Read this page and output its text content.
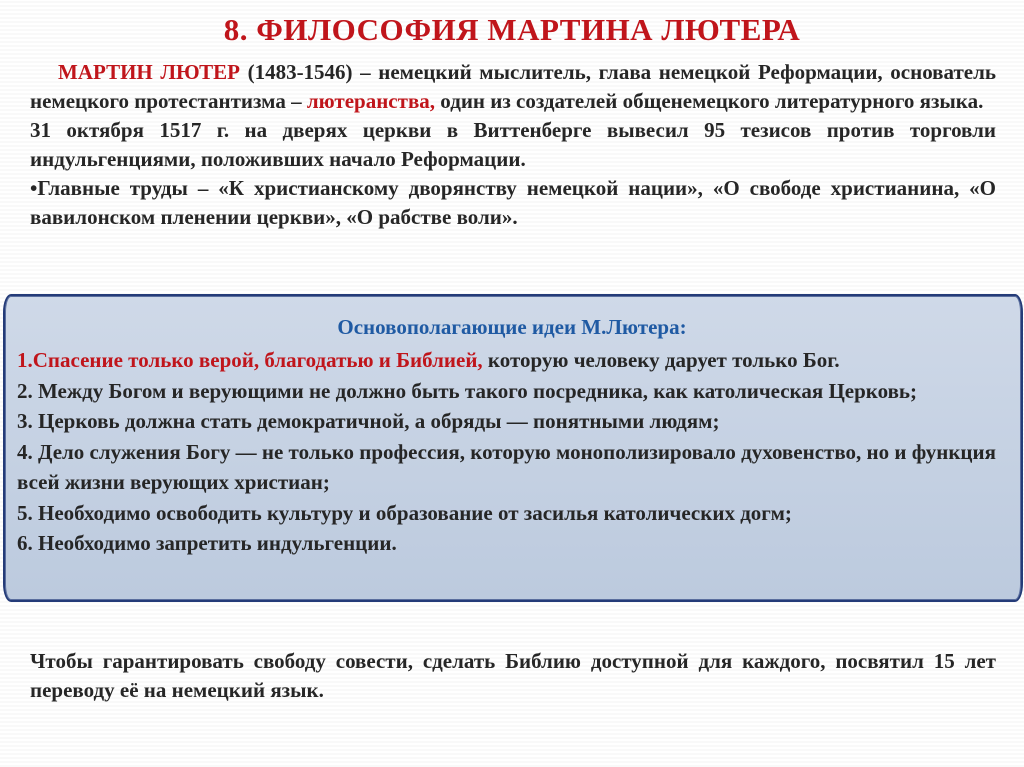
8. ФИЛОСОФИЯ МАРТИНА ЛЮТЕРА

МАРТИН ЛЮТЕР (1483-1546) – немецкий мыслитель, глава немецкой Реформации, основатель немецкого протестантизма – лютеранства, один из создателей общенемецкого литературного языка.

31 октября 1517 г. на дверях церкви в Виттенберге вывесил 95 тезисов против торговли индульгенциями, положивших начало Реформации.

•Главные труды – «К христианскому дворянству немецкой нации», «О свободе христианина, «О вавилонском пленении церкви», «О рабстве воли».

Основополагающие идеи М.Лютера:

1.Спасение только верой, благодатью и Библией, которую человеку дарует только Бог.

2. Между Богом и верующими не должно быть такого посредника, как католическая Церковь;

3. Церковь должна стать демократичной, а обряды — понятными людям;

4. Дело служения Богу — не только профессия, которую монополизировало духовенство, но и функция всей жизни верующих христиан;

5. Необходимо освободить культуру и образование от засилья католических догм;

6. Необходимо запретить индульгенции.

Чтобы гарантировать свободу совести, сделать Библию доступной для каждого, посвятил 15 лет переводу её на немецкий язык.
